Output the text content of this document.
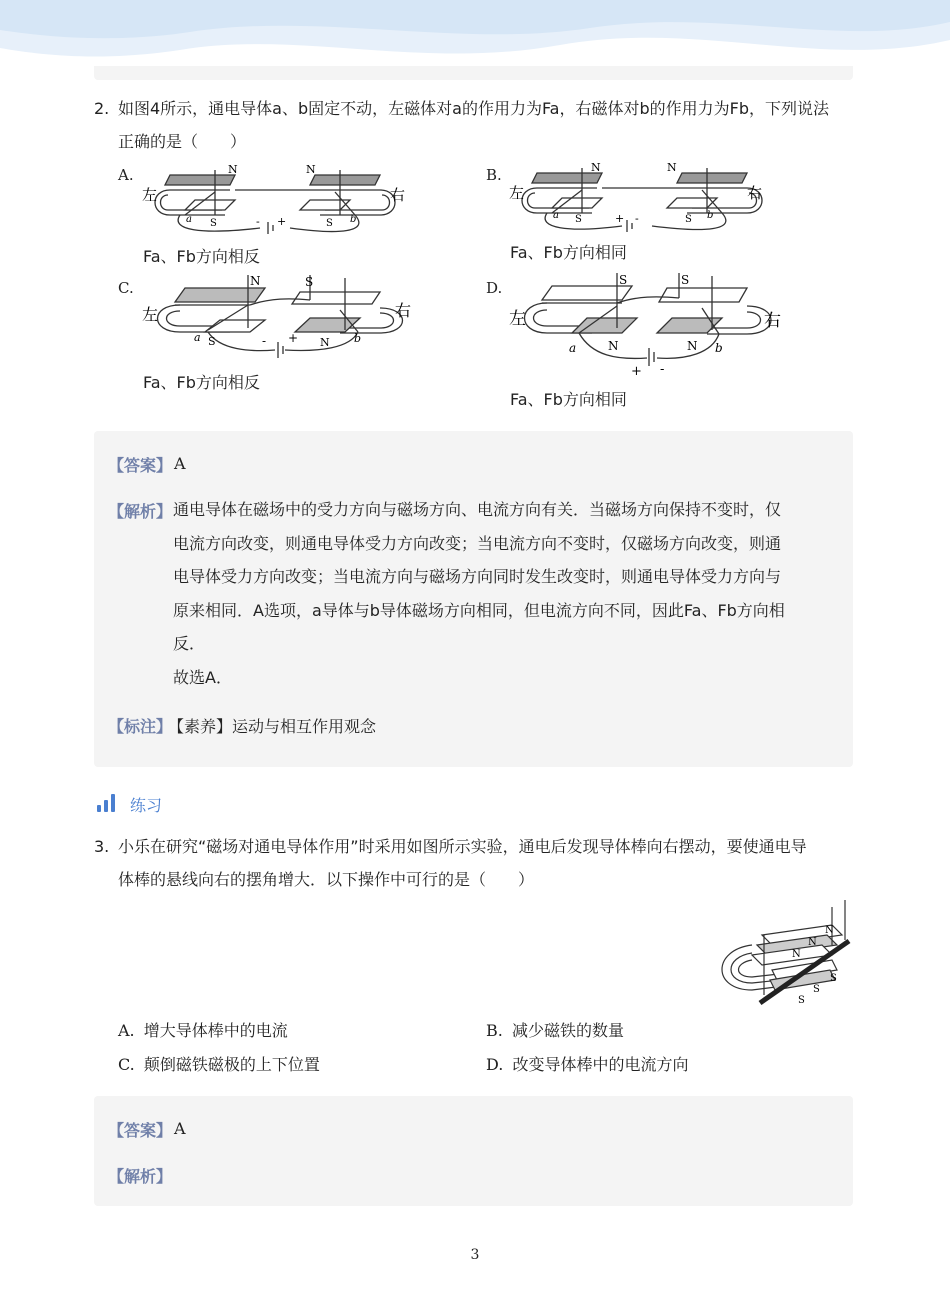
2. 如图4所示，通电导体a、b固定不动，左磁体对a的作用力为Fa，右磁体对b的作用力为Fb，下列说法
正确的是（　　）
A.	B.
C.	D.
N	N
左	右
a S	S b
- +
N	N
左	右
a S	S b
+ -
Fa、Fb方向相反	Fa、Fb方向相同
N	S
左	右
a S	N b
- +
S	S
左	右
a	N	N b
+ -
Fa、Fb方向相反
Fa、Fb方向相同
【答案】 A
【解析】 通电导体在磁场中的受力方向与磁场方向、电流方向有关．当磁场方向保持不变时，仅
电流方向改变，则通电导体受力方向改变；当电流方向不变时，仅磁场方向改变，则通
电导体受力方向改变；当电流方向与磁场方向同时发生改变时，则通电导体受力方向与
原来相同．A选项，a导体与b导体磁场方向相同，但电流方向不同，因此Fa、Fb方向相
反．
故选A．
【标注】
【素养】运动与相互作用观念
练习
3. 小乐在研究“磁场对通电导体作用”时采用如图所示实验，通电后发现导体棒向右摆动，要使通电导
体棒的悬线向右的摆角增大．以下操作中可行的是（　　）
N
N
N
S
S
S
A. 增大导体棒中的电流	B. 减少磁铁的数量
C. 颠倒磁铁磁极的上下位置	D. 改变导体棒中的电流方向
【答案】 A
【解析】
3
